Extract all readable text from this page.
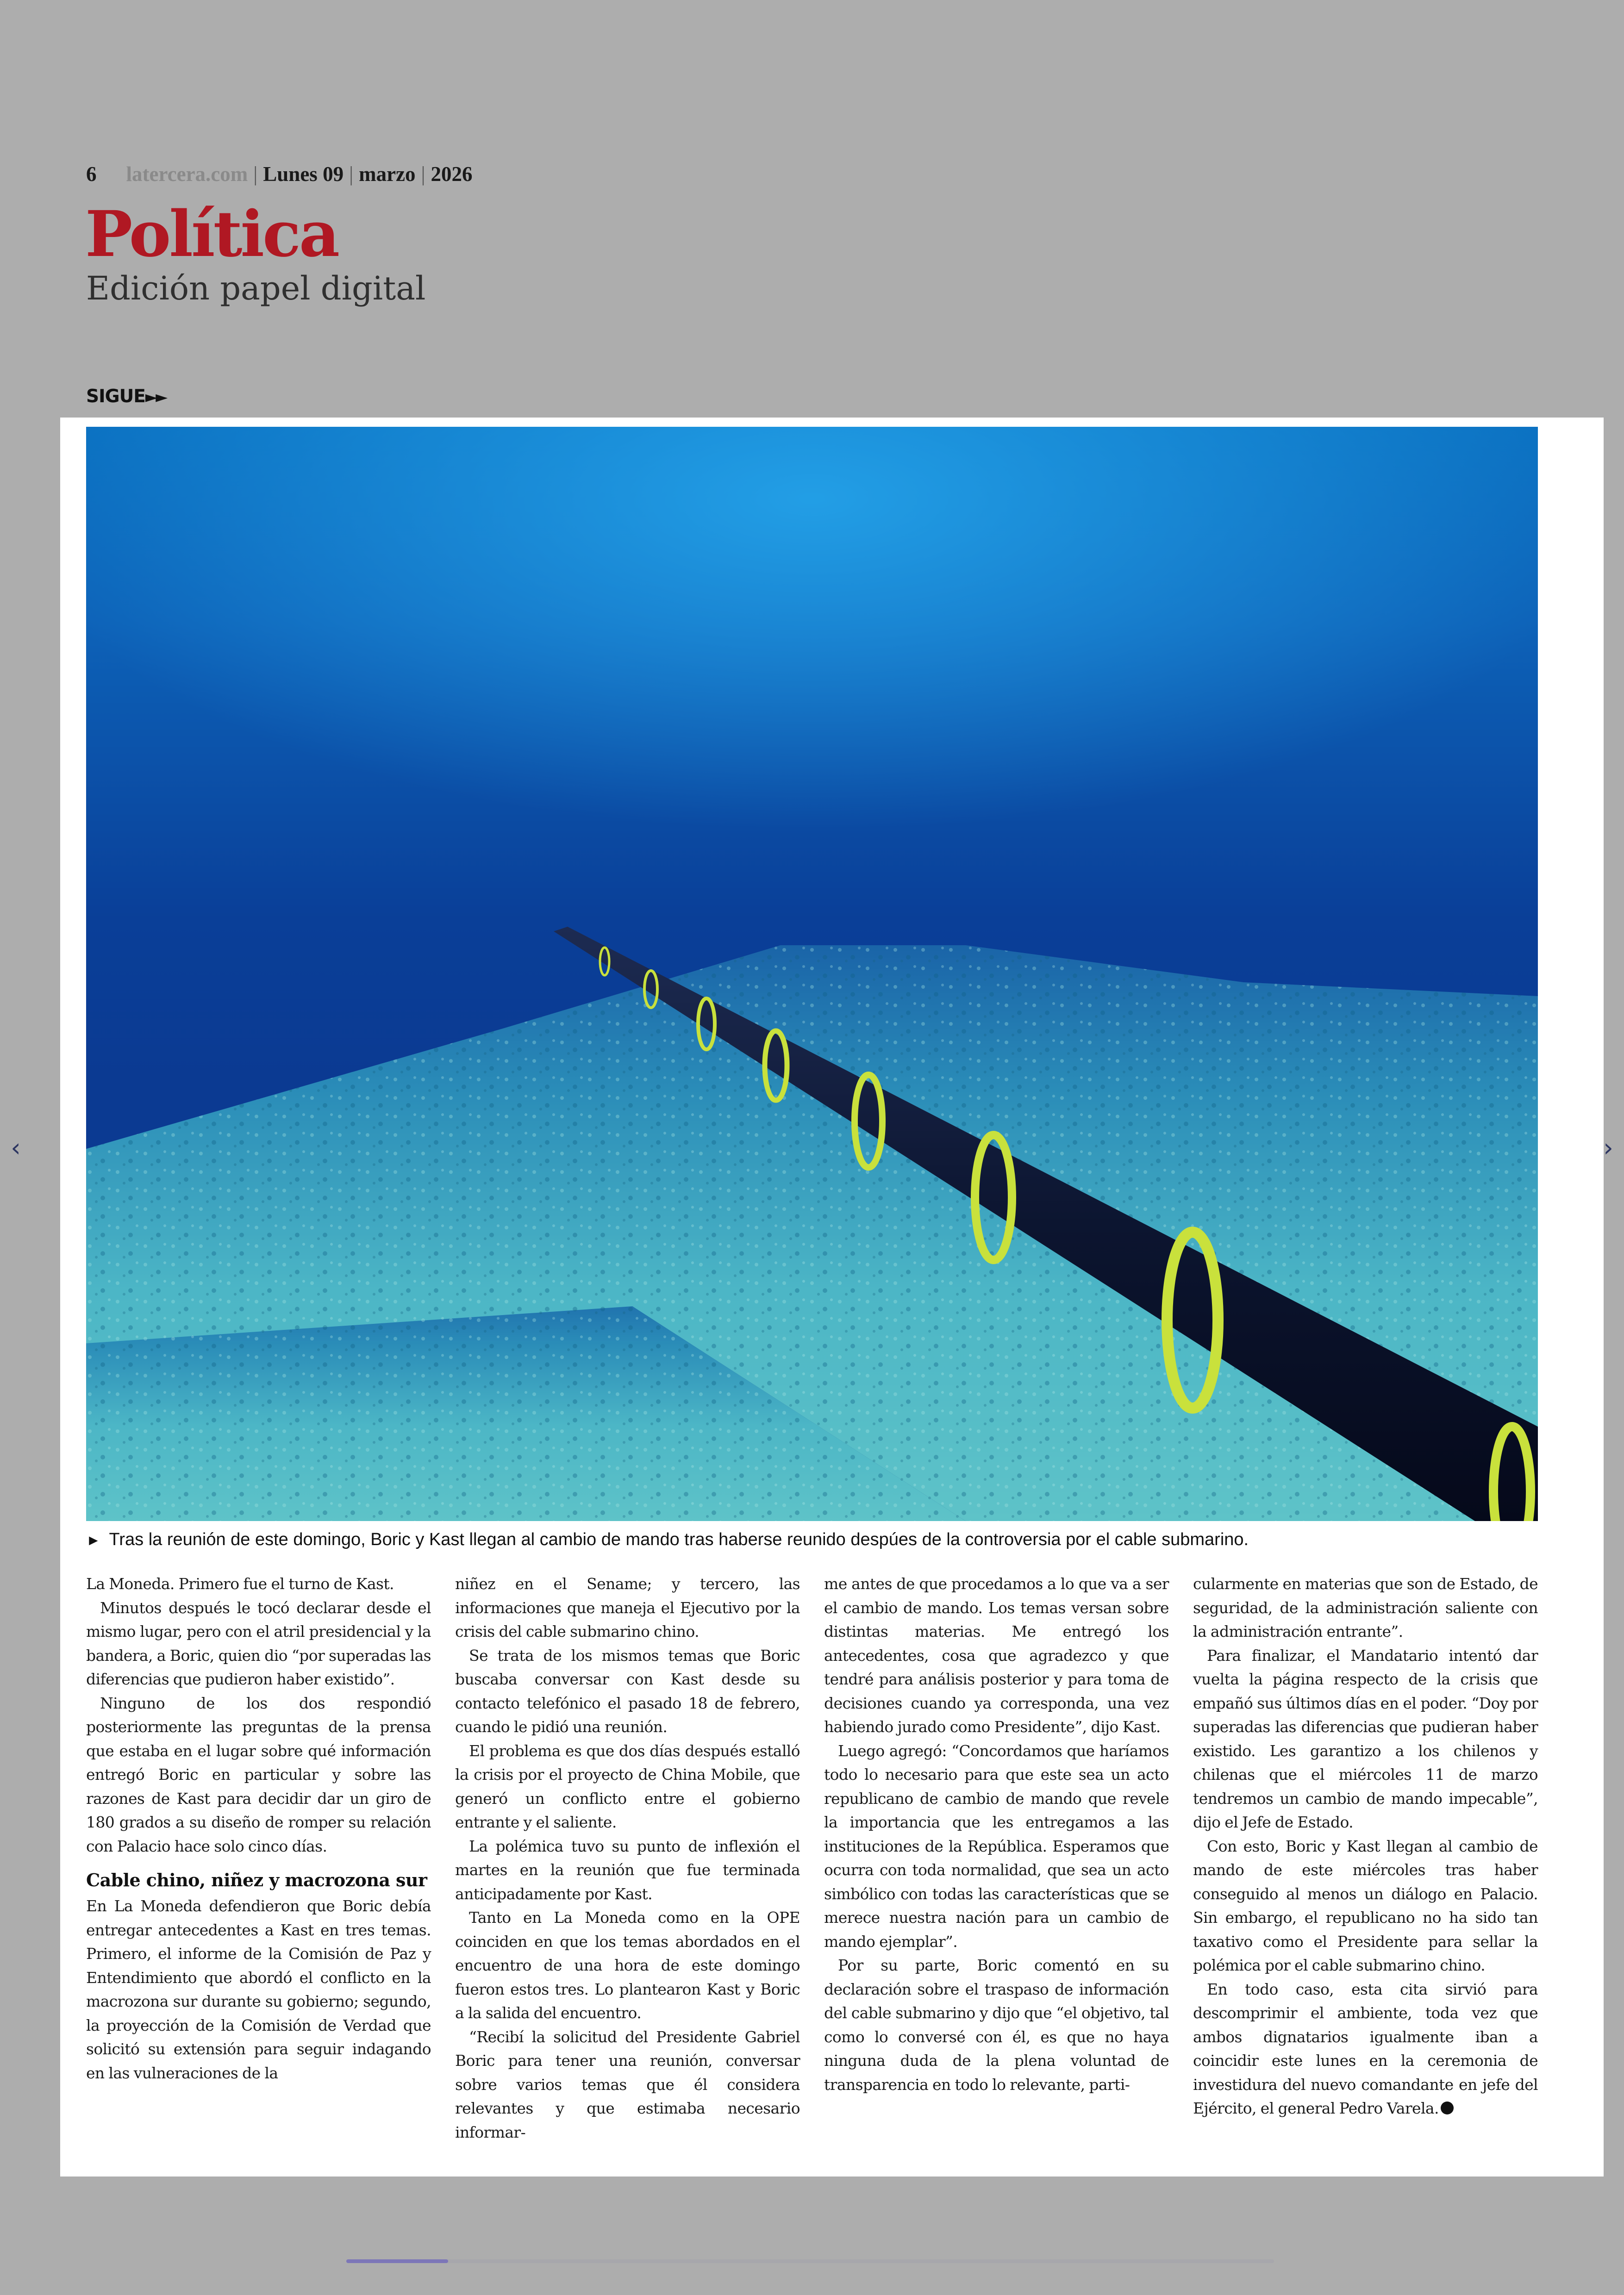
6 latercera.com | Lunes 09 | marzo | 2026
Política
Edición papel digital
SIGUE►►
► Tras la reunión de este domingo, Boric y Kast llegan al cambio de mando tras haberse reunido despúes de la controversia por el cable submarino.

La Moneda. Primero fue el turno de Kast.

Minutos después le tocó declarar desde el mismo lugar, pero con el atril presidencial y la bandera, a Boric, quien dio “por superadas las diferencias que pudieron haber existido”.

Ninguno de los dos respondió posteriormente las preguntas de la prensa que estaba en el lugar sobre qué información entregó Boric en particular y sobre las razones de Kast para decidir dar un giro de 180 grados a su diseño de romper su relación con Palacio hace solo cinco días.

Cable chino, niñez y macrozona sur

En La Moneda defendieron que Boric debía entregar antecedentes a Kast en tres temas. Primero, el informe de la Comisión de Paz y Entendimiento que abordó el conflicto en la macrozona sur durante su gobierno; segundo, la proyección de la Comisión de Verdad que solicitó su extensión para seguir indagando en las vulneraciones de la

niñez en el Sename; y tercero, las informaciones que maneja el Ejecutivo por la crisis del cable submarino chino.

Se trata de los mismos temas que Boric buscaba conversar con Kast desde su contacto telefónico el pasado 18 de febrero, cuando le pidió una reunión.

El problema es que dos días después estalló la crisis por el proyecto de China Mobile, que generó un conflicto entre el gobierno entrante y el saliente.

La polémica tuvo su punto de inflexión el martes en la reunión que fue terminada anticipadamente por Kast.

Tanto en La Moneda como en la OPE coinciden en que los temas abordados en el encuentro de una hora de este domingo fueron estos tres. Lo plantearon Kast y Boric a la salida del encuentro.

“Recibí la solicitud del Presidente Gabriel Boric para tener una reunión, conversar sobre varios temas que él considera relevantes y que estimaba necesario informar-

me antes de que procedamos a lo que va a ser el cambio de mando. Los temas versan sobre distintas materias. Me entregó los antecedentes, cosa que agradezco y que tendré para análisis posterior y para toma de decisiones cuando ya corresponda, una vez habiendo jurado como Presidente”, dijo Kast.

Luego agregó: “Concordamos que haríamos todo lo necesario para que este sea un acto republicano de cambio de mando que revele la importancia que les entregamos a las instituciones de la República. Esperamos que ocurra con toda normalidad, que sea un acto simbólico con todas las características que se merece nuestra nación para un cambio de mando ejemplar”.

Por su parte, Boric comentó en su declaración sobre el traspaso de información del cable submarino y dijo que “el objetivo, tal como lo conversé con él, es que no haya ninguna duda de la plena voluntad de transparencia en todo lo relevante, parti-

cularmente en materias que son de Estado, de seguridad, de la administración saliente con la administración entrante”.

Para finalizar, el Mandatario intentó dar vuelta la página respecto de la crisis que empañó sus últimos días en el poder. “Doy por superadas las diferencias que pudieran haber existido. Les garantizo a los chilenos y chilenas que el miércoles 11 de marzo tendremos un cambio de mando impecable”, dijo el Jefe de Estado.

Con esto, Boric y Kast llegan al cambio de mando de este miércoles tras haber conseguido al menos un diálogo en Palacio. Sin embargo, el republicano no ha sido tan taxativo como el Presidente para sellar la polémica por el cable submarino chino.

En todo caso, esta cita sirvió para descomprimir el ambiente, toda vez que ambos dignatarios igualmente iban a coincidir este lunes en la ceremonia de investidura del nuevo comandante en jefe del Ejército, el general Pedro Varela.

‹	›
